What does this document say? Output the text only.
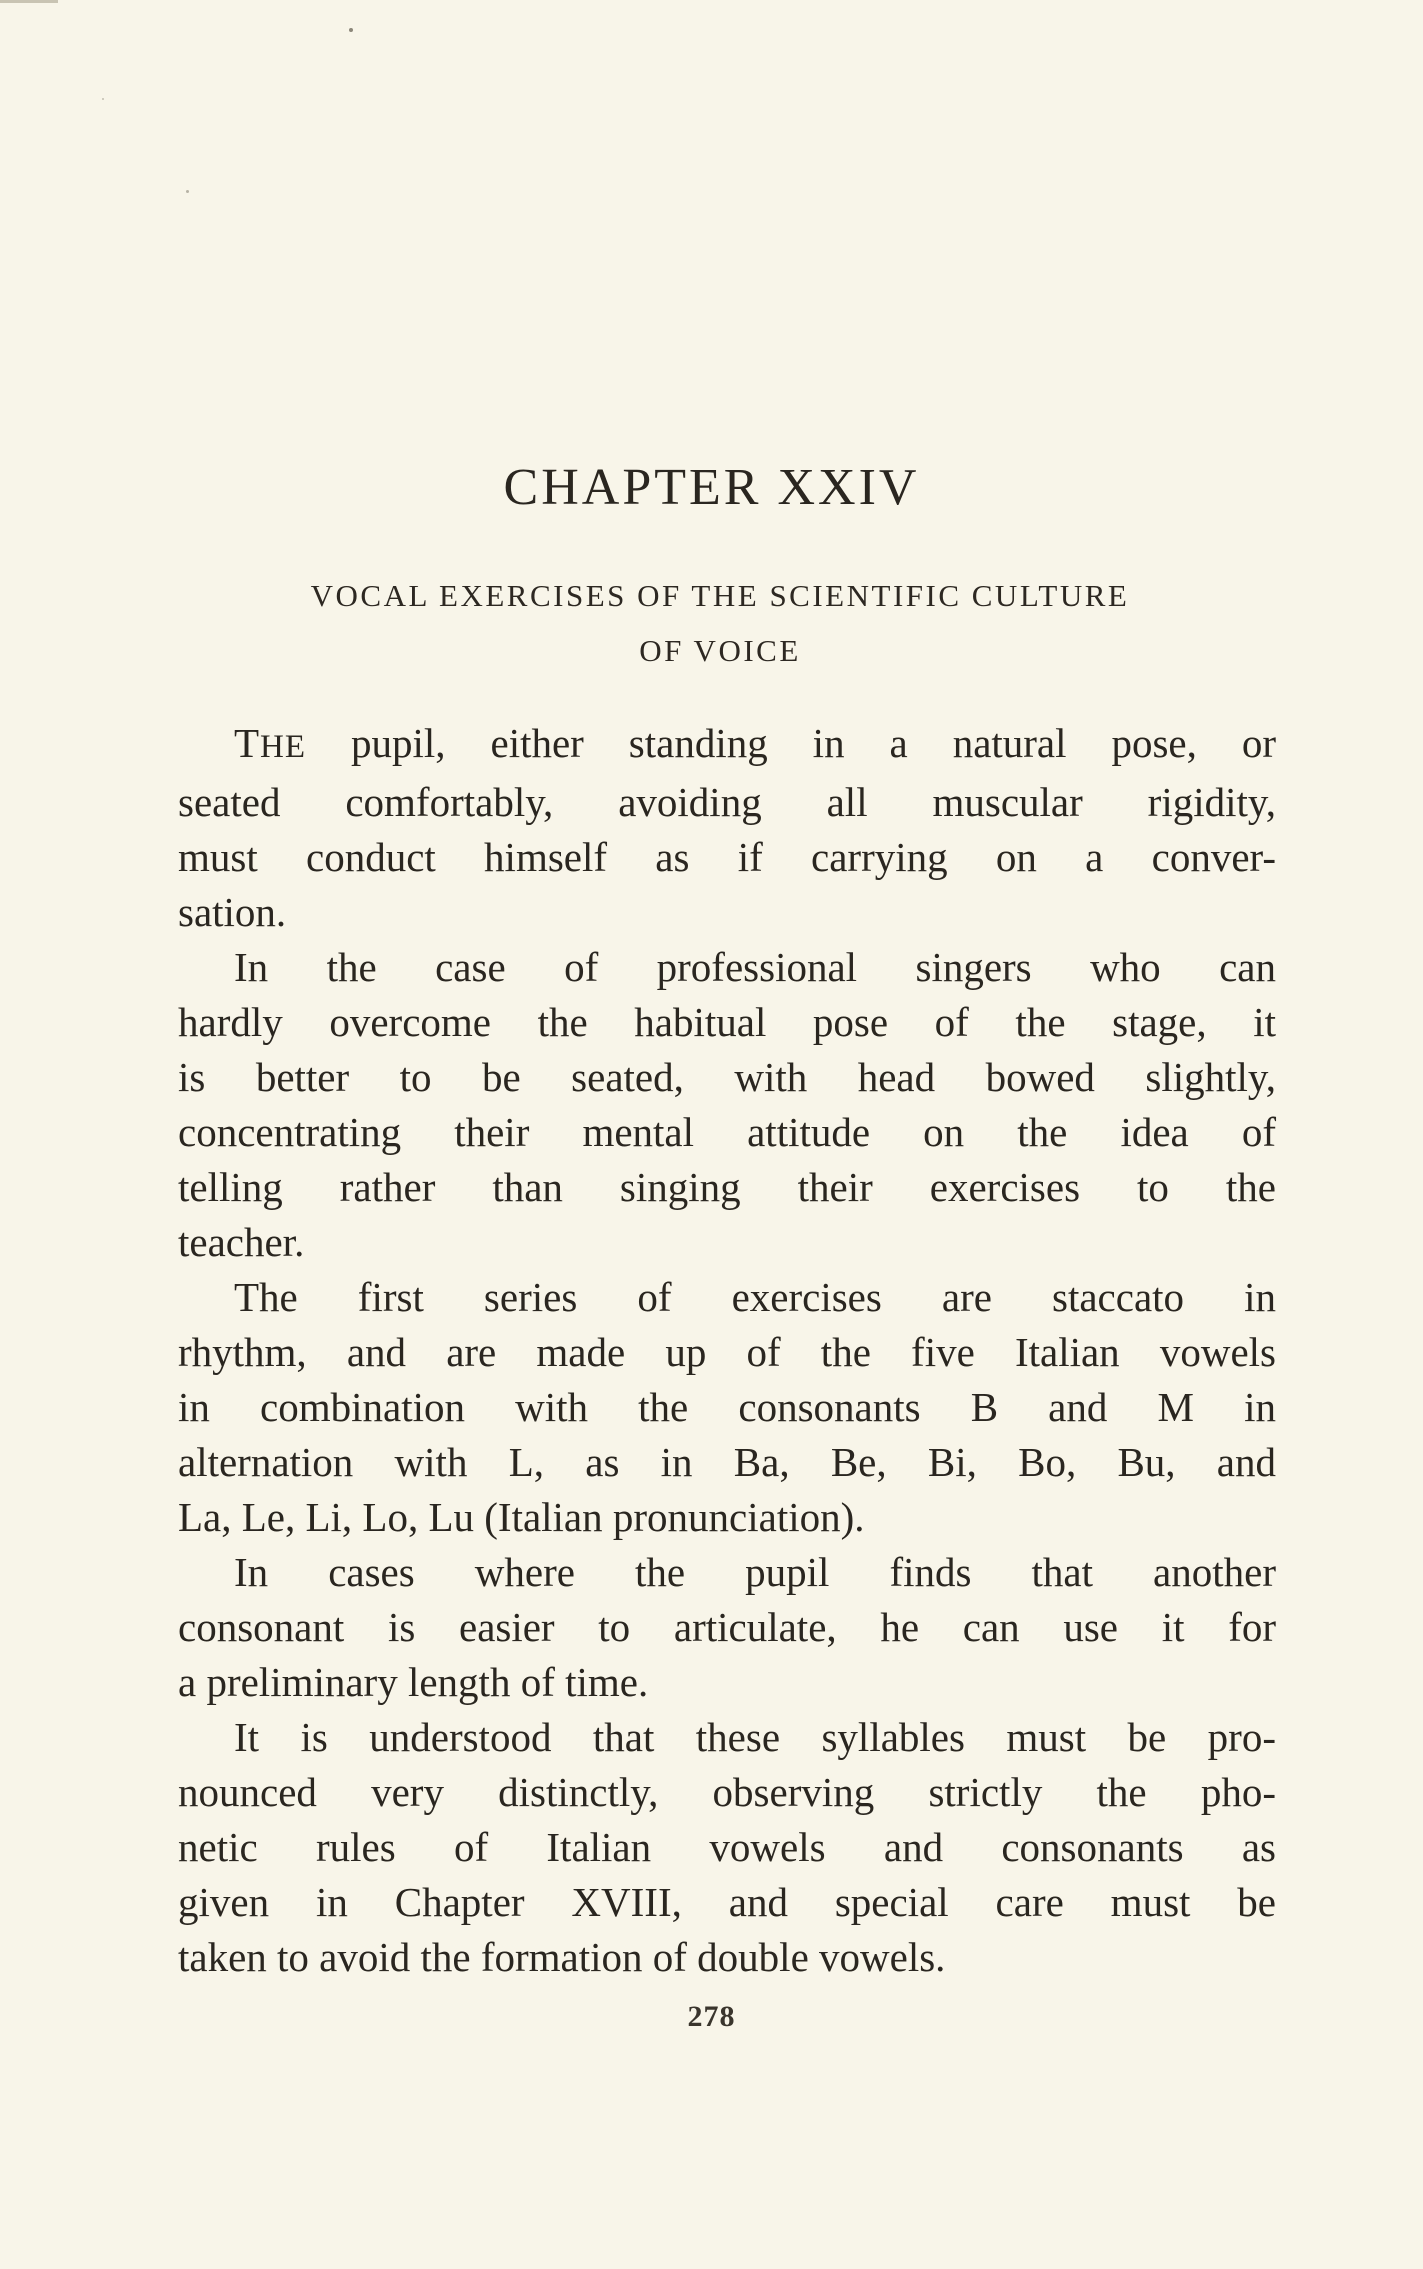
CHAPTER XXIV
VOCAL EXERCISES OF THE SCIENTIFIC CULTURE
OF VOICE

THE pupil, either standing in a natural pose, or
seated comfortably, avoiding all muscular rigidity,
must conduct himself as if carrying on a conver-
sation.

In the case of professional singers who can
hardly overcome the habitual pose of the stage, it
is better to be seated, with head bowed slightly,
concentrating their mental attitude on the idea of
telling rather than singing their exercises to the
teacher.

The first series of exercises are staccato in
rhythm, and are made up of the five Italian vowels
in combination with the consonants B and M in
alternation with L, as in Ba, Be, Bi, Bo, Bu, and
La, Le, Li, Lo, Lu (Italian pronunciation).

In cases where the pupil finds that another
consonant is easier to articulate, he can use it for
a preliminary length of time.

It is understood that these syllables must be pro-
nounced very distinctly, observing strictly the pho-
netic rules of Italian vowels and consonants as
given in Chapter XVIII, and special care must be
taken to avoid the formation of double vowels.

278
